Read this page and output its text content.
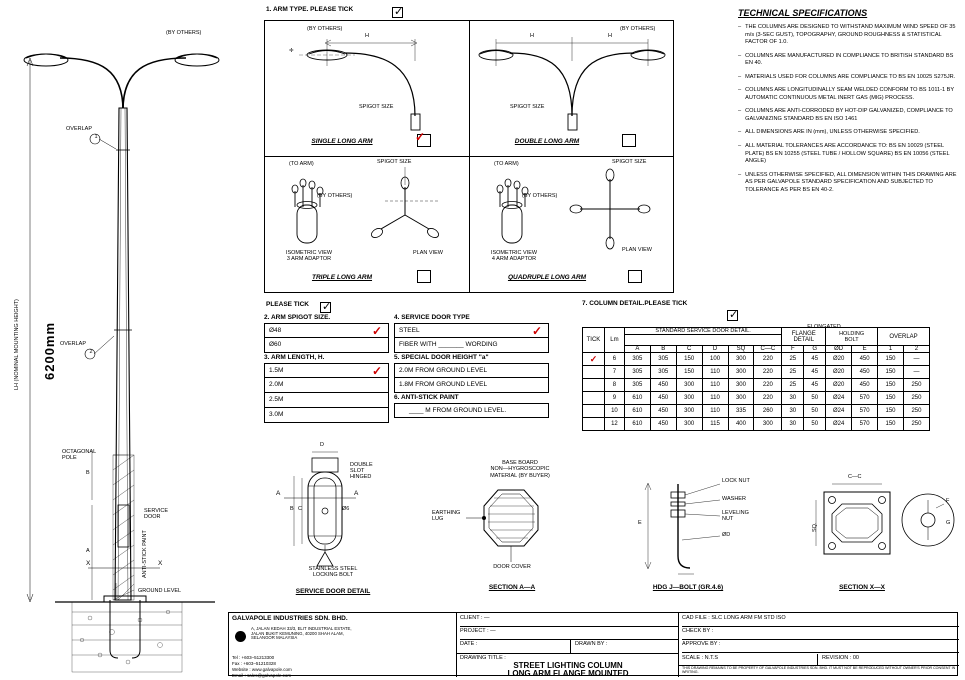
(BY OTHERS)
OVERLAP
1
OVERLAP
2
LH (NOMINAL MOUNTING HEIGHT) 6200mm
OCTAGONAL
POLE
SERVICE
DOOR
ANTI-STICK PAINT
GROUND LEVEL
A
B
X	X
1. ARM TYPE. PLEASE TICK	✓
(BY OTHERS)
H
SPIGOT SIZE
✛
SINGLE LONG ARM	✓
H	H
(BY OTHERS)
SPIGOT SIZE
DOUBLE LONG ARM
(TO ARM)	SPIGOT SIZE
(BY OTHERS)
ISOMETRIC VIEW
3 ARM ADAPTOR
PLAN VIEW
TRIPLE LONG ARM
(TO ARM)	SPIGOT SIZE
(BY OTHERS)
ISOMETRIC VIEW
4 ARM ADAPTOR
PLAN VIEW
QUADRUPLE LONG ARM
PLEASE TICK ✓
2. ARM SPIGOT SIZE.
Ø48	✓
Ø60
3. ARM LENGTH, H.
1.5M	✓
2.0M
2.5M
3.0M
4. SERVICE DOOR TYPE
STEEL	✓
FIBER WITH _______ WORDING
5. SPECIAL DOOR HEIGHT "a"
2.0M FROM GROUND LEVEL
1.8M FROM GROUND LEVEL
6. ANTI-STICK PAINT
____ M FROM GROUND LEVEL.
7. COLUMN DETAIL.PLEASE TICK
✓
TICK	Lm	STANDARD SERVICE DOOR DETAIL.						FLANGE DETAIL		HOLDING
BOLT		OVERLAP	

		A	B	C	D	SQ	C—C	F	G	ØD	E	1	2
✓	6	305	305	150	100	300	220	25	45	Ø20	450	150	—
	7	305	305	150	110	300	220	25	45	Ø20	450	150	—
	8	305	450	300	110	300	220	25	45	Ø20	450	150	250
	9	610	450	300	110	300	220	30	50	Ø24	570	150	250
	10	610	450	300	110	335	260	30	50	Ø24	570	150	250
	12	610	450	300	115	400	300	30	50	Ø24	570	150	250
ELONGATED
TECHNICAL SPECIFICATIONS
– THE COLUMNS ARE DESIGNED TO WITHSTAND MAXIMUM WIND SPEED OF 35 m/s (3-SEC GUST), TOPOGRAPHY, GROUND ROUGHNESS & STATISTICAL FACTOR OF 1.0.
– COLUMNS ARE MANUFACTURED IN COMPLIANCE TO BRITISH STANDARD BS EN 40.
– MATERIALS USED FOR COLUMNS ARE COMPLIANCE TO BS EN 10025 S275JR.
– COLUMNS ARE LONGITUDINALLY SEAM WELDED CONFORM TO BS 1011-1 BY AUTOMATIC CONTINUOUS METAL INERT GAS (MIG) PROCESS.
– COLUMNS ARE ANTI-CORRODED BY HOT-DIP GALVANIZED, COMPLIANCE TO GALVANIZING STANDARD BS EN ISO 1461
– ALL DIMENSIONS ARE IN (mm), UNLESS OTHERWISE SPECIFIED.
– ALL MATERIAL TOLERANCES ARE ACCORDANCE TO: BS EN 10029 (STEEL PLATE) BS EN 10255 (STEEL TUBE / HOLLOW SQUARE) BS EN 10056 (STEEL ANGLE)
– UNLESS OTHERWISE SPECIFIED, ALL DIMENSION WITHIN THIS DRAWING ARE AS PER GALVAPOLE STANDARD SPECIFICATION AND SUBJECTED TO TOLERANCE AS PER BS EN 40-2.
DOUBLE
SLOT
HINGED
Ø6
D
B C
A	A
STAINLESS STEEL
LOCKING BOLT
SERVICE DOOR DETAIL
BASE BOARD
NON—HYGROSCOPIC
MATERIAL (BY BUYER)
EARTHING
LUG
DOOR COVER
SECTION A—A
LOCK NUT
WASHER
LEVELING
NUT
ØD
E
HDG J—BOLT (GR.4.6)
C—C
SQ.
F
G
SECTION X—X
GALVAPOLE INDUSTRIES SDN. BHD.
A, JALAN KEDAH 33/3, ELIT INDUSTRIAL ESTATE, JALAN BUKIT KEMUNING, 40200 SHAH ALAM, SELANGOR MALAYSIA
Tel : +603‒51213300
Fax : +603‒51210328
Website : www.galvapole.com
Email : sales@galvapole.com
CLIENT : —
PROJECT : —
DATE :	DRAWN BY :
DRAWING TITLE :
STREET LIGHTING COLUMN
LONG ARM FLANGE MOUNTED
CAD FILE : SLC LONG ARM FM STD ISO
CHECK BY :
APPROVE BY :
SCALE : N.T.S	REVISION : 00
THIS DRAWING REMAINS TO BE PROPERTY OF GALVAPOLE INDUSTRIES SDN. BHD. IT MUST NOT BE REPRODUCED WITHOUT OWNER'S PRIOR CONSENT IN WRITING.
